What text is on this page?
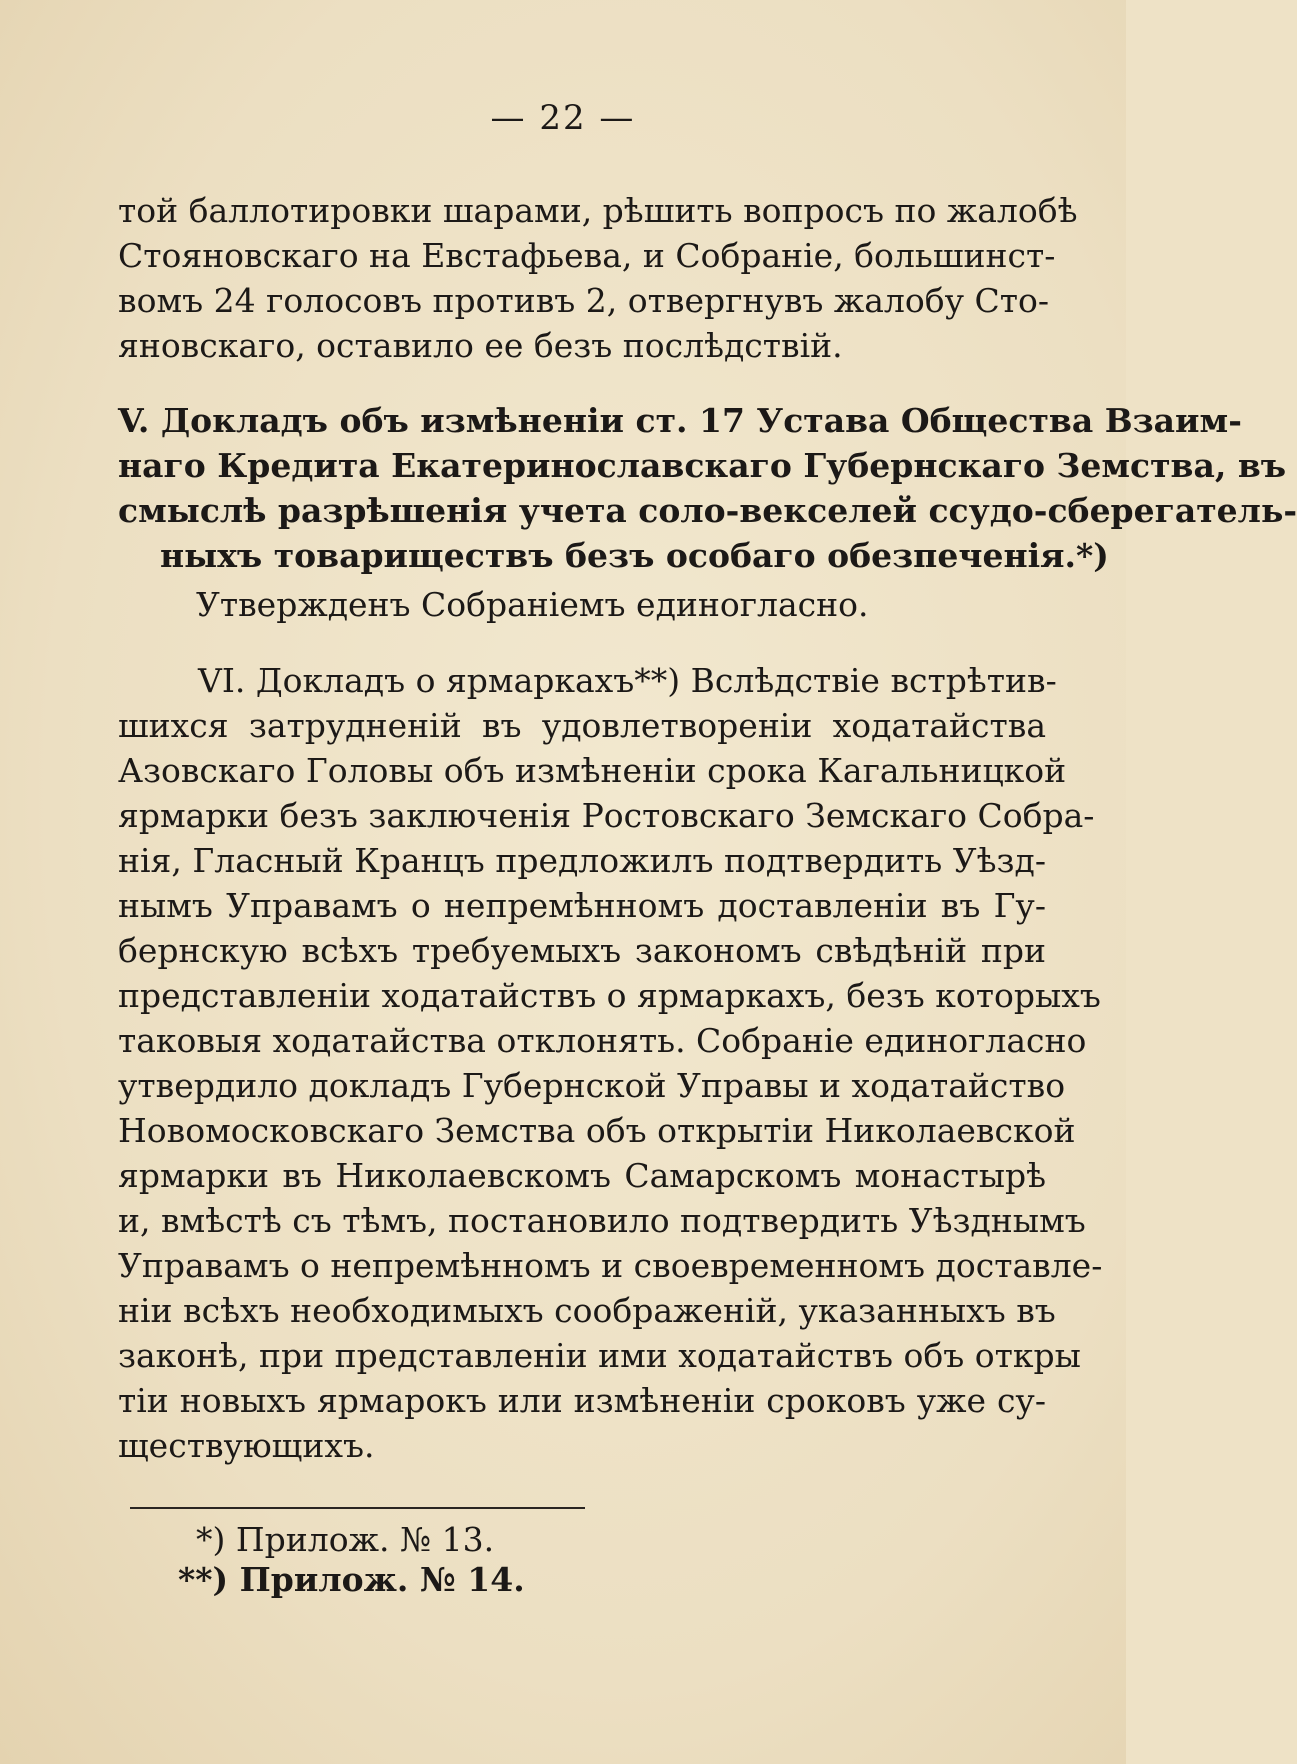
— 22 —
той баллотировки шарами, рѣшить вопросъ по жалобѣ
Стояновскаго на Евстафьева, и Собраніе, большинст-
вомъ 24 голосовъ противъ 2, отвергнувъ жалобу Сто-
яновскаго, оставило ее безъ послѣдствій.
V. Докладъ объ измѣненіи ст. 17 Устава Общества Взаим-
наго Кредита Екатеринославскаго Губернскаго Земства, въ
смыслѣ разрѣшенія учета соло-векселей ссудо-сберегатель-
ныхъ товариществъ безъ особаго обезпеченія.*)
Утвержденъ Собраніемъ единогласно.
VI. Докладъ о ярмаркахъ**) Вслѣдствіе встрѣтив-
шихся затрудненій въ удовлетвореніи ходатайства
Азовскаго Головы объ измѣненіи срока Кагальницкой
ярмарки безъ заключенія Ростовскаго Земскаго Собра-
нія, Гласный Кранцъ предложилъ подтвердить Уѣзд-
нымъ Управамъ о непремѣнномъ доставленіи въ Гу-
бернскую всѣхъ требуемыхъ закономъ свѣдѣній при
представленіи ходатайствъ о ярмаркахъ, безъ которыхъ
таковыя ходатайства отклонять. Собраніе единогласно
утвердило докладъ Губернской Управы и ходатайство
Новомосковскаго Земства объ открытіи Николаевской
ярмарки въ Николаевскомъ Самарскомъ монастырѣ
и, вмѣстѣ съ тѣмъ, постановило подтвердить Уѣзднымъ
Управамъ о непремѣнномъ и своевременномъ доставле-
ніи всѣхъ необходимыхъ соображеній, указанныхъ въ
законѣ, при представленіи ими ходатайствъ объ откры
тіи новыхъ ярмарокъ или измѣненіи сроковъ уже су-
ществующихъ.
*) Прилож. № 13.
**) Прилож. № 14.
